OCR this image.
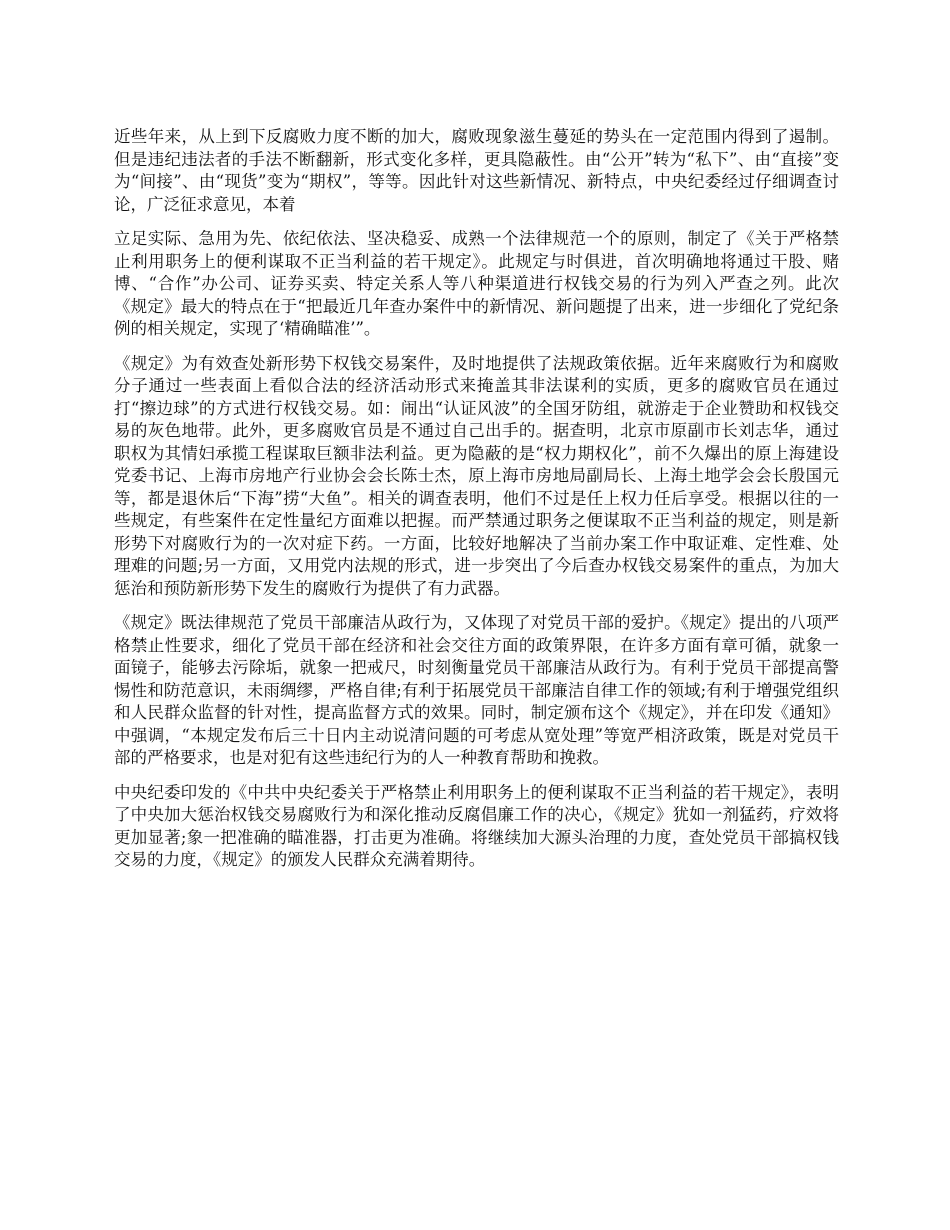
近些年来，从上到下反腐败力度不断的加大，腐败现象滋生蔓延的势头在一定范围内得到了遏制。但是违纪违法者的手法不断翻新，形式变化多样，更具隐蔽性。由“公开”转为“私下”、由“直接”变为“间接”、由“现货”变为“期权”，等等。因此针对这些新情况、新特点，中央纪委经过仔细调查讨论，广泛征求意见，本着

立足实际、急用为先、依纪依法、坚决稳妥、成熟一个法律规范一个的原则，制定了《关于严格禁止利用职务上的便利谋取不正当利益的若干规定》。此规定与时俱进，首次明确地将通过干股、赌博、“合作”办公司、证券买卖、特定关系人等八种渠道进行权钱交易的行为列入严查之列。此次《规定》最大的特点在于“把最近几年查办案件中的新情况、新问题提了出来，进一步细化了党纪条例的相关规定，实现了‘精确瞄准’”。

《规定》为有效查处新形势下权钱交易案件，及时地提供了法规政策依据。近年来腐败行为和腐败分子通过一些表面上看似合法的经济活动形式来掩盖其非法谋利的实质，更多的腐败官员在通过打“擦边球”的方式进行权钱交易。如：闹出“认证风波”的全国牙防组，就游走于企业赞助和权钱交易的灰色地带。此外，更多腐败官员是不通过自己出手的。据查明，北京市原副市长刘志华，通过职权为其情妇承揽工程谋取巨额非法利益。更为隐蔽的是“权力期权化”，前不久爆出的原上海建设党委书记、上海市房地产行业协会会长陈士杰，原上海市房地局副局长、上海土地学会会长殷国元等，都是退休后“下海”捞“大鱼”。相关的调查表明，他们不过是任上权力任后享受。根据以往的一些规定，有些案件在定性量纪方面难以把握。而严禁通过职务之便谋取不正当利益的规定，则是新形势下对腐败行为的一次对症下药。一方面，比较好地解决了当前办案工作中取证难、定性难、处理难的问题;另一方面，又用党内法规的形式，进一步突出了今后查办权钱交易案件的重点，为加大惩治和预防新形势下发生的腐败行为提供了有力武器。

《规定》既法律规范了党员干部廉洁从政行为，又体现了对党员干部的爱护。《规定》提出的八项严格禁止性要求，细化了党员干部在经济和社会交往方面的政策界限，在许多方面有章可循，就象一面镜子，能够去污除垢，就象一把戒尺，时刻衡量党员干部廉洁从政行为。有利于党员干部提高警惕性和防范意识，未雨绸缪，严格自律;有利于拓展党员干部廉洁自律工作的领域;有利于增强党组织和人民群众监督的针对性，提高监督方式的效果。同时，制定颁布这个《规定》，并在印发《通知》中强调，“本规定发布后三十日内主动说清问题的可考虑从宽处理”等宽严相济政策，既是对党员干部的严格要求，也是对犯有这些违纪行为的人一种教育帮助和挽救。

中央纪委印发的《中共中央纪委关于严格禁止利用职务上的便利谋取不正当利益的若干规定》，表明了中央加大惩治权钱交易腐败行为和深化推动反腐倡廉工作的决心，《规定》犹如一剂猛药，疗效将更加显著;象一把准确的瞄准器，打击更为准确。将继续加大源头治理的力度，查处党员干部搞权钱交易的力度，《规定》的颁发人民群众充满着期待。
